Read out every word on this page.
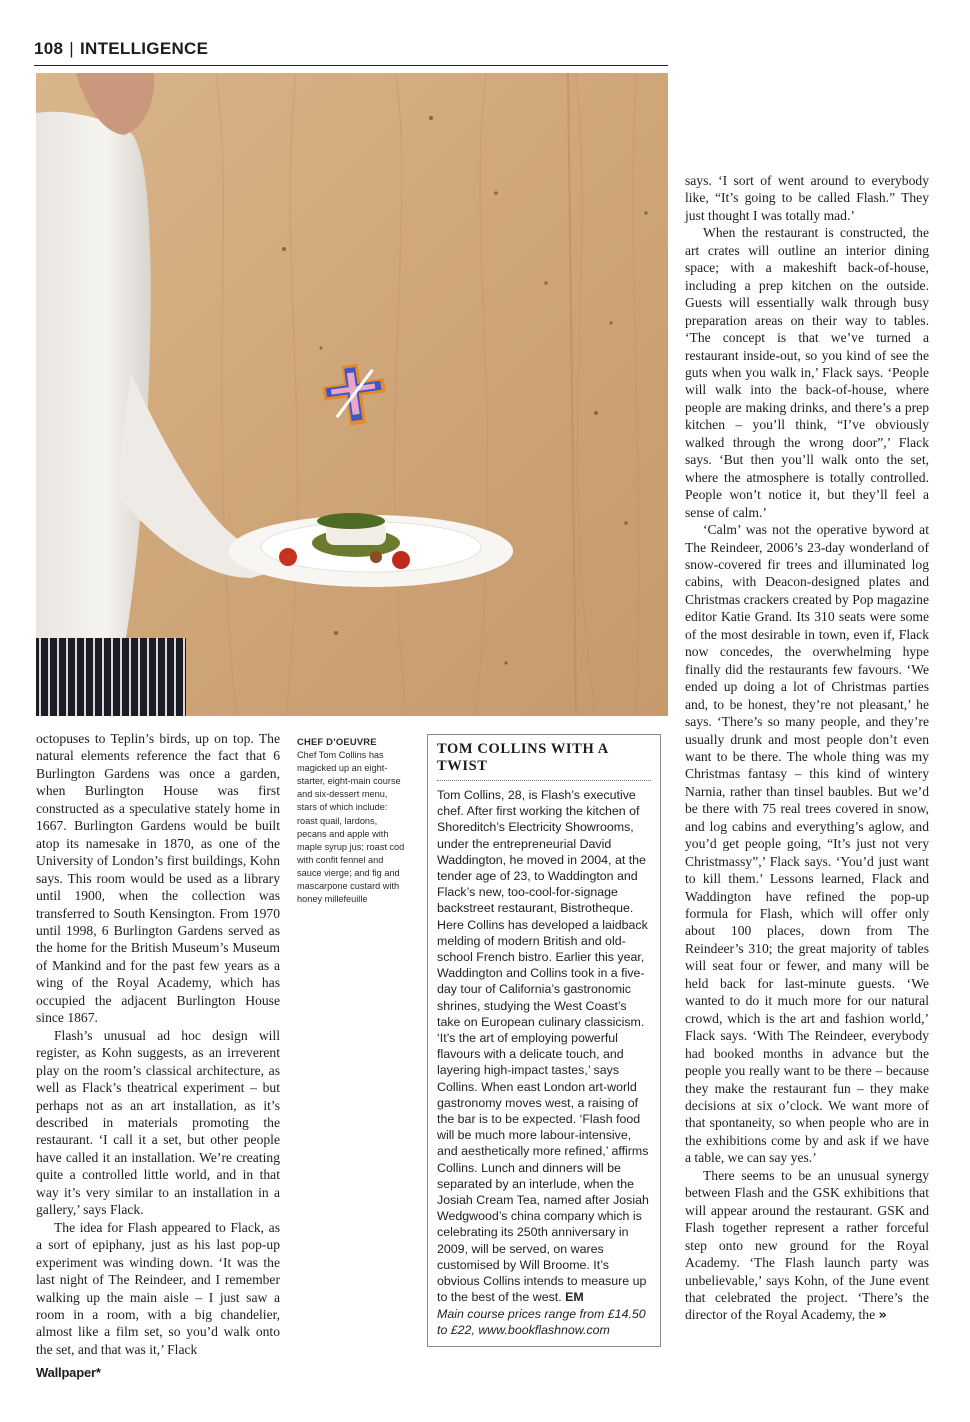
108 | INTELLIGENCE

octopuses to Teplin’s birds, up on top. The natural elements reference the fact that 6 Burlington Gardens was once a garden, when Burlington House was first constructed as a speculative stately home in 1667. Burlington Gardens would be built atop its namesake in 1870, as one of the University of London’s first buildings, Kohn says. This room would be used as a library until 1900, when the collection was transferred to South Kensington. From 1970 until 1998, 6 Burlington Gardens served as the home for the British Museum’s Museum of Mankind and for the past few years as a wing of the Royal Academy, which has occupied the adjacent Burlington House since 1867.

Flash’s unusual ad hoc design will register, as Kohn suggests, as an irreverent play on the room’s classical architecture, as well as Flack’s theatrical experiment – but perhaps not as an art installation, as it’s described in materials promoting the restaurant. ‘I call it a set, but other people have called it an installation. We’re creating quite a controlled little world, and in that way it’s very similar to an installation in a gallery,’ says Flack.

The idea for Flash appeared to Flack, as a sort of epiphany, just as his last pop-up experiment was winding down. ‘It was the last night of The Reindeer, and I remember walking up the main aisle – I just saw a room in a room, with a big chandelier, almost like a film set, so you’d walk onto the set, and that was it,’ Flack

CHEF D’OEUVRE
Chef Tom Collins has magicked up an eight-starter, eight-main course and six-dessert menu, stars of which include: roast quail, lardons, pecans and apple with maple syrup jus; roast cod with confit fennel and sauce vierge; and fig and mascarpone custard with honey millefeuille
TOM COLLINS WITH A TWIST
Tom Collins, 28, is Flash’s executive chef. After first working the kitchen of Shoreditch’s Electricity Showrooms, under the entrepreneurial David Waddington, he moved in 2004, at the tender age of 23, to Waddington and Flack’s new, too-cool-for-signage backstreet restaurant, Bistrotheque. Here Collins has developed a laidback melding of modern British and old-school French bistro. Earlier this year, Waddington and Collins took in a five-day tour of California’s gastronomic shrines, studying the West Coast’s take on European culinary classicism. ‘It’s the art of employing powerful flavours with a delicate touch, and layering high-impact tastes,’ says Collins. When east London art-world gastronomy moves west, a raising of the bar is to be expected. ‘Flash food will be much more labour-intensive, and aesthetically more refined,’ affirms Collins. Lunch and dinners will be separated by an interlude, when the Josiah Cream Tea, named after Josiah Wedgwood’s china company which is celebrating its 250th anniversary in 2009, will be served, on wares customised by Will Broome. It’s obvious Collins intends to measure up to the best of the west. EM
Main course prices range from £14.50 to £22, www.bookflashnow.com

says. ‘I sort of went around to everybody like, “It’s going to be called Flash.” They just thought I was totally mad.’

When the restaurant is constructed, the art crates will outline an interior dining space; with a makeshift back-of-house, including a prep kitchen on the outside. Guests will essentially walk through busy preparation areas on their way to tables. ‘The concept is that we’ve turned a restaurant inside-out, so you kind of see the guts when you walk in,’ Flack says. ‘People will walk into the back-of-house, where people are making drinks, and there’s a prep kitchen – you’ll think, “I’ve obviously walked through the wrong door”,’ Flack says. ‘But then you’ll walk onto the set, where the atmosphere is totally controlled. People won’t notice it, but they’ll feel a sense of calm.’

‘Calm’ was not the operative byword at The Reindeer, 2006’s 23-day wonderland of snow-covered fir trees and illuminated log cabins, with Deacon-designed plates and Christmas crackers created by Pop magazine editor Katie Grand. Its 310 seats were some of the most desirable in town, even if, Flack now concedes, the overwhelming hype finally did the restaurants few favours. ‘We ended up doing a lot of Christmas parties and, to be honest, they’re not pleasant,’ he says. ‘There’s so many people, and they’re usually drunk and most people don’t even want to be there. The whole thing was my Christmas fantasy – this kind of wintery Narnia, rather than tinsel baubles. But we’d be there with 75 real trees covered in snow, and log cabins and everything’s aglow, and you’d get people going, “It’s just not very Christmassy”,’ Flack says. ‘You’d just want to kill them.’ Lessons learned, Flack and Waddington have refined the pop-up formula for Flash, which will offer only about 100 places, down from The Reindeer’s 310; the great majority of tables will seat four or fewer, and many will be held back for last-minute guests. ‘We wanted to do it much more for our natural crowd, which is the art and fashion world,’ Flack says. ‘With The Reindeer, everybody had booked months in advance but the people you really want to be there – because they make the restaurant fun – they make decisions at six o’clock. We want more of that spontaneity, so when people who are in the exhibitions come by and ask if we have a table, we can say yes.’

There seems to be an unusual synergy between Flash and the GSK exhibitions that will appear around the restaurant. GSK and Flash together represent a rather forceful step onto new ground for the Royal Academy. ‘The Flash launch party was unbelievable,’ says Kohn, of the June event that celebrated the project. ‘There’s the director of the Royal Academy, the »

Wallpaper*
